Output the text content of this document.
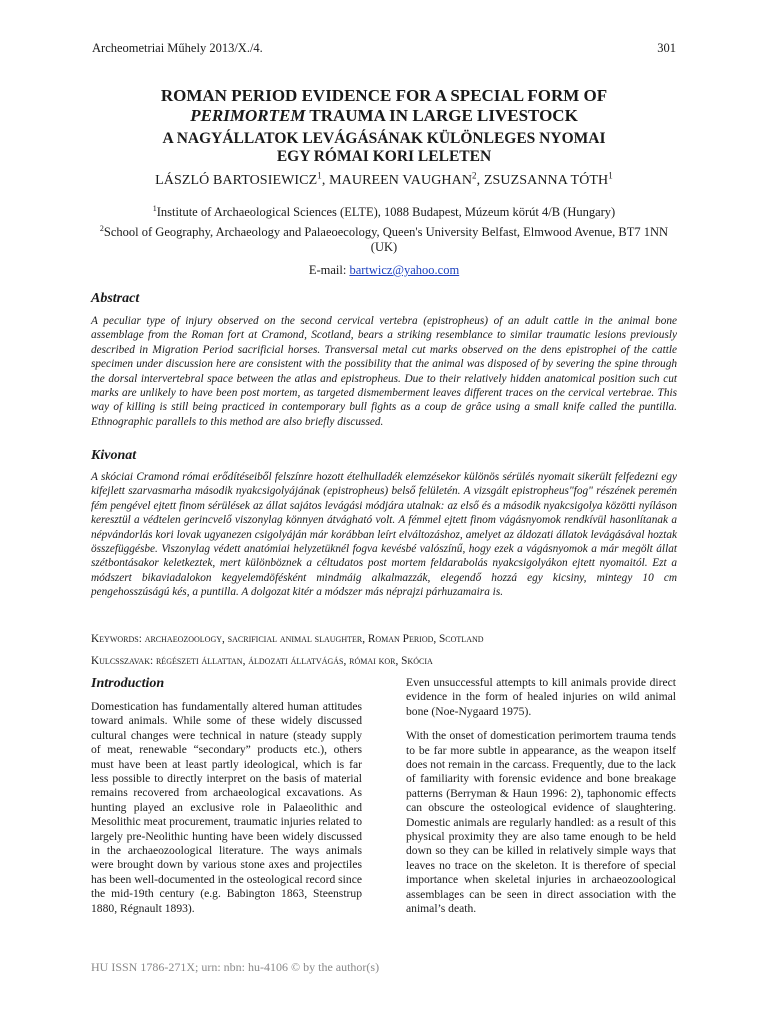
Archeometriai Műhely 2013/X./4.	301
ROMAN PERIOD EVIDENCE FOR A SPECIAL FORM OF
PERIMORTEM TRAUMA IN LARGE LIVESTOCK
A NAGYÁLLATOK LEVÁGÁSÁNAK KÜLÖNLEGES NYOMAI
EGY RÓMAI KORI LELETEN
LÁSZLÓ BARTOSIEWICZ$^1$, MAUREEN VAUGHAN$^2$, ZSUZSANNA TÓTH$^1$
$^1$Institute of Archaeological Sciences (ELTE), 1088 Budapest, Múzeum körút 4/B (Hungary)
$^2$School of Geography, Archaeology and Palaeoecology, Queen's University Belfast, Elmwood Avenue, BT7 1NN (UK)
E-mail: bartwicz@yahoo.com
Abstract
A peculiar type of injury observed on the second cervical vertebra (epistropheus) of an adult cattle in the animal bone assemblage from the Roman fort at Cramond, Scotland, bears a striking resemblance to similar traumatic lesions previously described in Migration Period sacrificial horses. Transversal metal cut marks observed on the dens epistrophei of the cattle specimen under discussion here are consistent with the possibility that the animal was disposed of by severing the spine through the dorsal intervertebral space between the atlas and epistropheus. Due to their relatively hidden anatomical position such cut marks are unlikely to have been post mortem, as targeted dismemberment leaves different traces on the cervical vertebrae. This way of killing is still being practiced in contemporary bull fights as a coup de grâce using a small knife called the puntilla. Ethnographic parallels to this method are also briefly discussed.
Kivonat
A skóciai Cramond római erődítéseiből felszínre hozott ételhulladék elemzésekor különös sérülés nyomait sikerült felfedezni egy kifejlett szarvasmarha második nyakcsigolyájának (epistropheus) belső felületén. A vizsgált epistropheus"fog" részének peremén fém pengével ejtett finom sérülések az állat sajátos levágási módjára utalnak: az első és a második nyakcsigolya közötti nyíláson keresztül a védtelen gerincvelő viszonylag könnyen átvágható volt. A fémmel ejtett finom vágásnyomok rendkívül hasonlítanak a népvándorlás kori lovak ugyanezen csigolyáján már korábban leírt elváltozáshoz, amelyet az áldozati állatok levágásával hoztak összefüggésbe. Viszonylag védett anatómiai helyzetüknél fogva kevésbé valószínű, hogy ezek a vágásnyomok a már megölt állat szétbontásakor keletkeztek, mert különböznek a céltudatos post mortem feldarabolás nyakcsigolyákon ejtett nyomaitól. Ezt a módszert bikaviadalokon kegyelemdöfésként mindmáig alkalmazzák, elegendő hozzá egy kicsiny, mintegy 10 cm pengehosszúságú kés, a puntilla. A dolgozat kitér a módszer más néprajzi párhuzamaira is.
Keywords: archaeozoology, sacrificial animal slaughter, Roman Period, Scotland
Kulcsszavak: régészeti állattan, áldozati állatvágás, római kor, Skócia
Introduction

Domestication has fundamentally altered human attitudes toward animals. While some of these widely discussed cultural changes were technical in nature (steady supply of meat, renewable “secondary” products etc.), others must have been at least partly ideological, which is far less possible to directly interpret on the basis of material remains recovered from archaeological excavations. As hunting played an exclusive role in Palaeolithic and Mesolithic meat procurement, traumatic injuries related to largely pre-Neolithic hunting have been widely discussed in the archaeozoological literature. The ways animals were brought down by various stone axes and projectiles has been well-documented in the osteological record since the mid-19th century (e.g. Babington 1863, Steenstrup 1880, Régnault 1893).

Even unsuccessful attempts to kill animals provide direct evidence in the form of healed injuries on wild animal bone (Noe-Nygaard 1975).

With the onset of domestication perimortem trauma tends to be far more subtle in appearance, as the weapon itself does not remain in the carcass. Frequently, due to the lack of familiarity with forensic evidence and bone breakage patterns (Berryman & Haun 1996: 2), taphonomic effects can obscure the osteological evidence of slaughtering. Domestic animals are regularly handled: as a result of this physical proximity they are also tame enough to be held down so they can be killed in relatively simple ways that leaves no trace on the skeleton. It is therefore of special importance when skeletal injuries in archaeozoological assemblages can be seen in direct association with the animal’s death.

HU ISSN 1786-271X; urn: nbn: hu-4106 © by the author(s)
